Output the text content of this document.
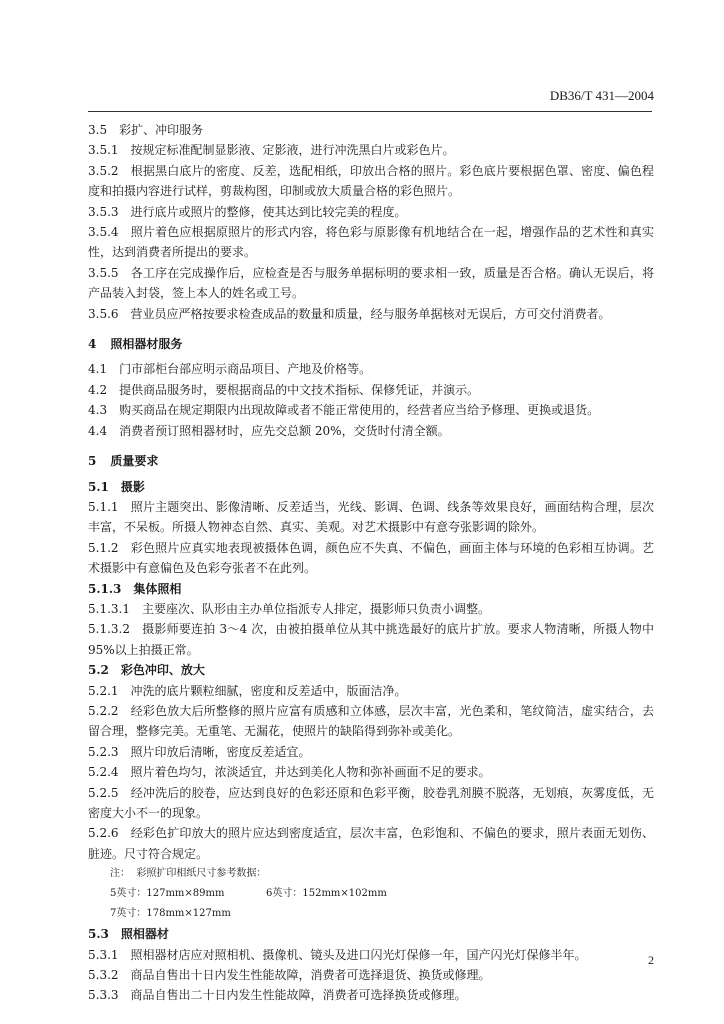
DB36/T 431—2004

3.5 彩扩、冲印服务

3.5.1 按规定标准配制显影液、定影液，进行冲洗黑白片或彩色片。

3.5.2 根据黑白底片的密度、反差，选配相纸，印放出合格的照片。彩色底片要根据色罩、密度、偏色程度和拍摄内容进行试样，剪裁构图，印制或放大质量合格的彩色照片。

3.5.3 进行底片或照片的整修，使其达到比较完美的程度。

3.5.4 照片着色应根据原照片的形式内容，将色彩与原影像有机地结合在一起，增强作品的艺术性和真实性，达到消费者所提出的要求。

3.5.5 各工序在完成操作后，应检查是否与服务单据标明的要求相一致，质量是否合格。确认无误后，将产品装入封袋，签上本人的姓名或工号。

3.5.6 营业员应严格按要求检查成品的数量和质量，经与服务单据核对无误后，方可交付消费者。

4 照相器材服务

4.1 门市部柜台部应明示商品项目、产地及价格等。

4.2 提供商品服务时，要根据商品的中文技术指标、保修凭证，并演示。

4.3 购买商品在规定期限内出现故障或者不能正常使用的，经营者应当给予修理、更换或退货。

4.4 消费者预订照相器材时，应先交总额 20%，交货时付清全额。

5 质量要求

5.1 摄影

5.1.1 照片主题突出、影像清晰、反差适当，光线、影调、色调、线条等效果良好，画面结构合理，层次丰富，不呆板。所摄人物神态自然、真实、美观。对艺术摄影中有意夸张影调的除外。

5.1.2 彩色照片应真实地表现被摄体色调，颜色应不失真、不偏色，画面主体与环境的色彩相互协调。艺术摄影中有意偏色及色彩夸张者不在此列。

5.1.3 集体照相

5.1.3.1 主要座次、队形由主办单位指派专人排定，摄影师只负责小调整。

5.1.3.2 摄影师要连拍 3～4 次，由被拍摄单位从其中挑选最好的底片扩放。要求人物清晰，所摄人物中 95%以上拍摄正常。

5.2 彩色冲印、放大

5.2.1 冲洗的底片颗粒细腻，密度和反差适中，版面洁净。

5.2.2 经彩色放大后所整修的照片应富有质感和立体感，层次丰富，光色柔和，笔纹简洁，虚实结合，去留合理，整修完美。无重笔、无漏花，使照片的缺陷得到弥补或美化。

5.2.3 照片印放后清晰，密度反差适宜。

5.2.4 照片着色均匀，浓淡适宜，并达到美化人物和弥补画面不足的要求。

5.2.5 经冲洗后的胶卷，应达到良好的色彩还原和色彩平衡，胶卷乳剂膜不脱落，无划痕，灰雾度低，无密度大小不一的现象。

5.2.6 经彩色扩印放大的照片应达到密度适宜，层次丰富，色彩饱和、不偏色的要求，照片表面无划伤、脏迹。尺寸符合规定。

注： 彩照扩印相纸尺寸参考数据：
5英寸：127mm×89mm	6英寸：152mm×102mm
7英寸：178mm×127mm

5.3 照相器材

5.3.1 照相器材店应对照相机、摄像机、镜头及进口闪光灯保修一年，国产闪光灯保修半年。

5.3.2 商品自售出十日内发生性能故障，消费者可选择退货、换货或修理。

5.3.3 商品自售出二十日内发生性能故障，消费者可选择换货或修理。

2
